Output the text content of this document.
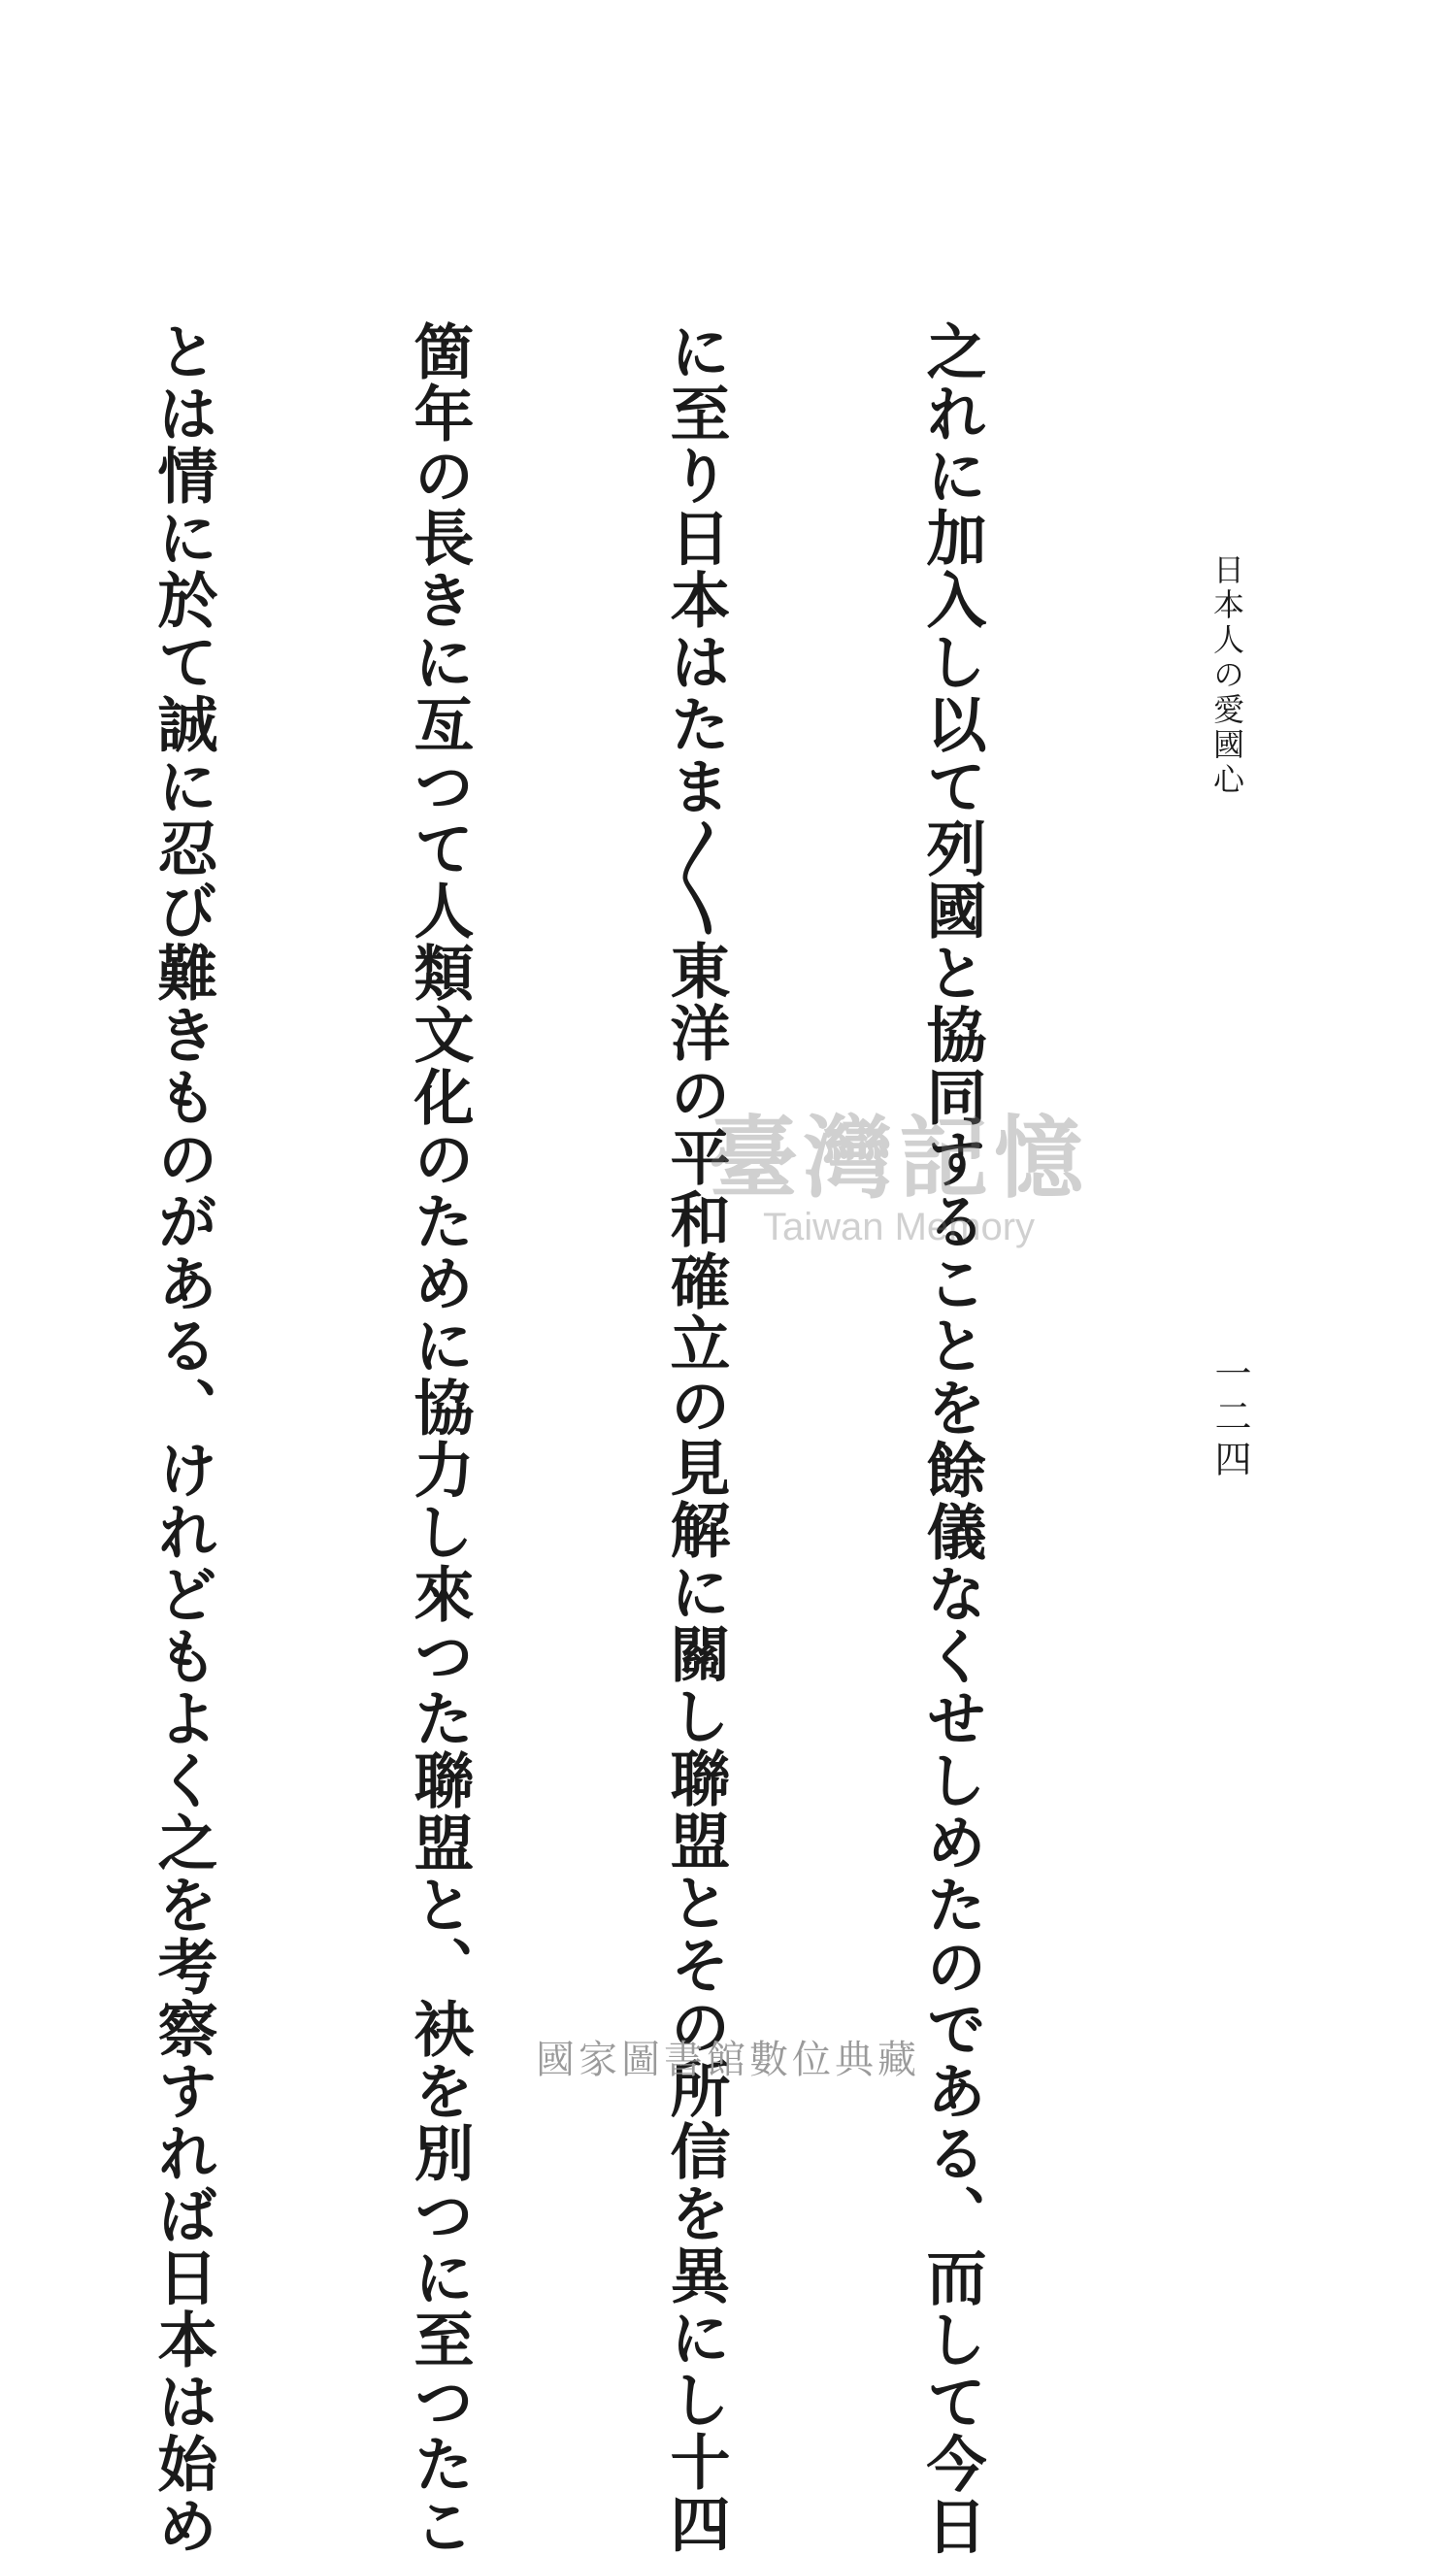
日本人の愛國心
一二四

之れに加入し以て列國と協同することを餘儀なくせしめたのである、而して今日

に至り日本はたま〳〵東洋の平和確立の見解に關し聯盟とその所信を異にし十四

箇年の長きに亙つて人類文化のために協力し來つた聯盟と、袂を別つに至つたこ

とは情に於て誠に忍び難きものがある、けれどもよく之を考察すれば日本は始め

	臺灣記憶
Taiwan Memory
國家圖書館數位典藏
